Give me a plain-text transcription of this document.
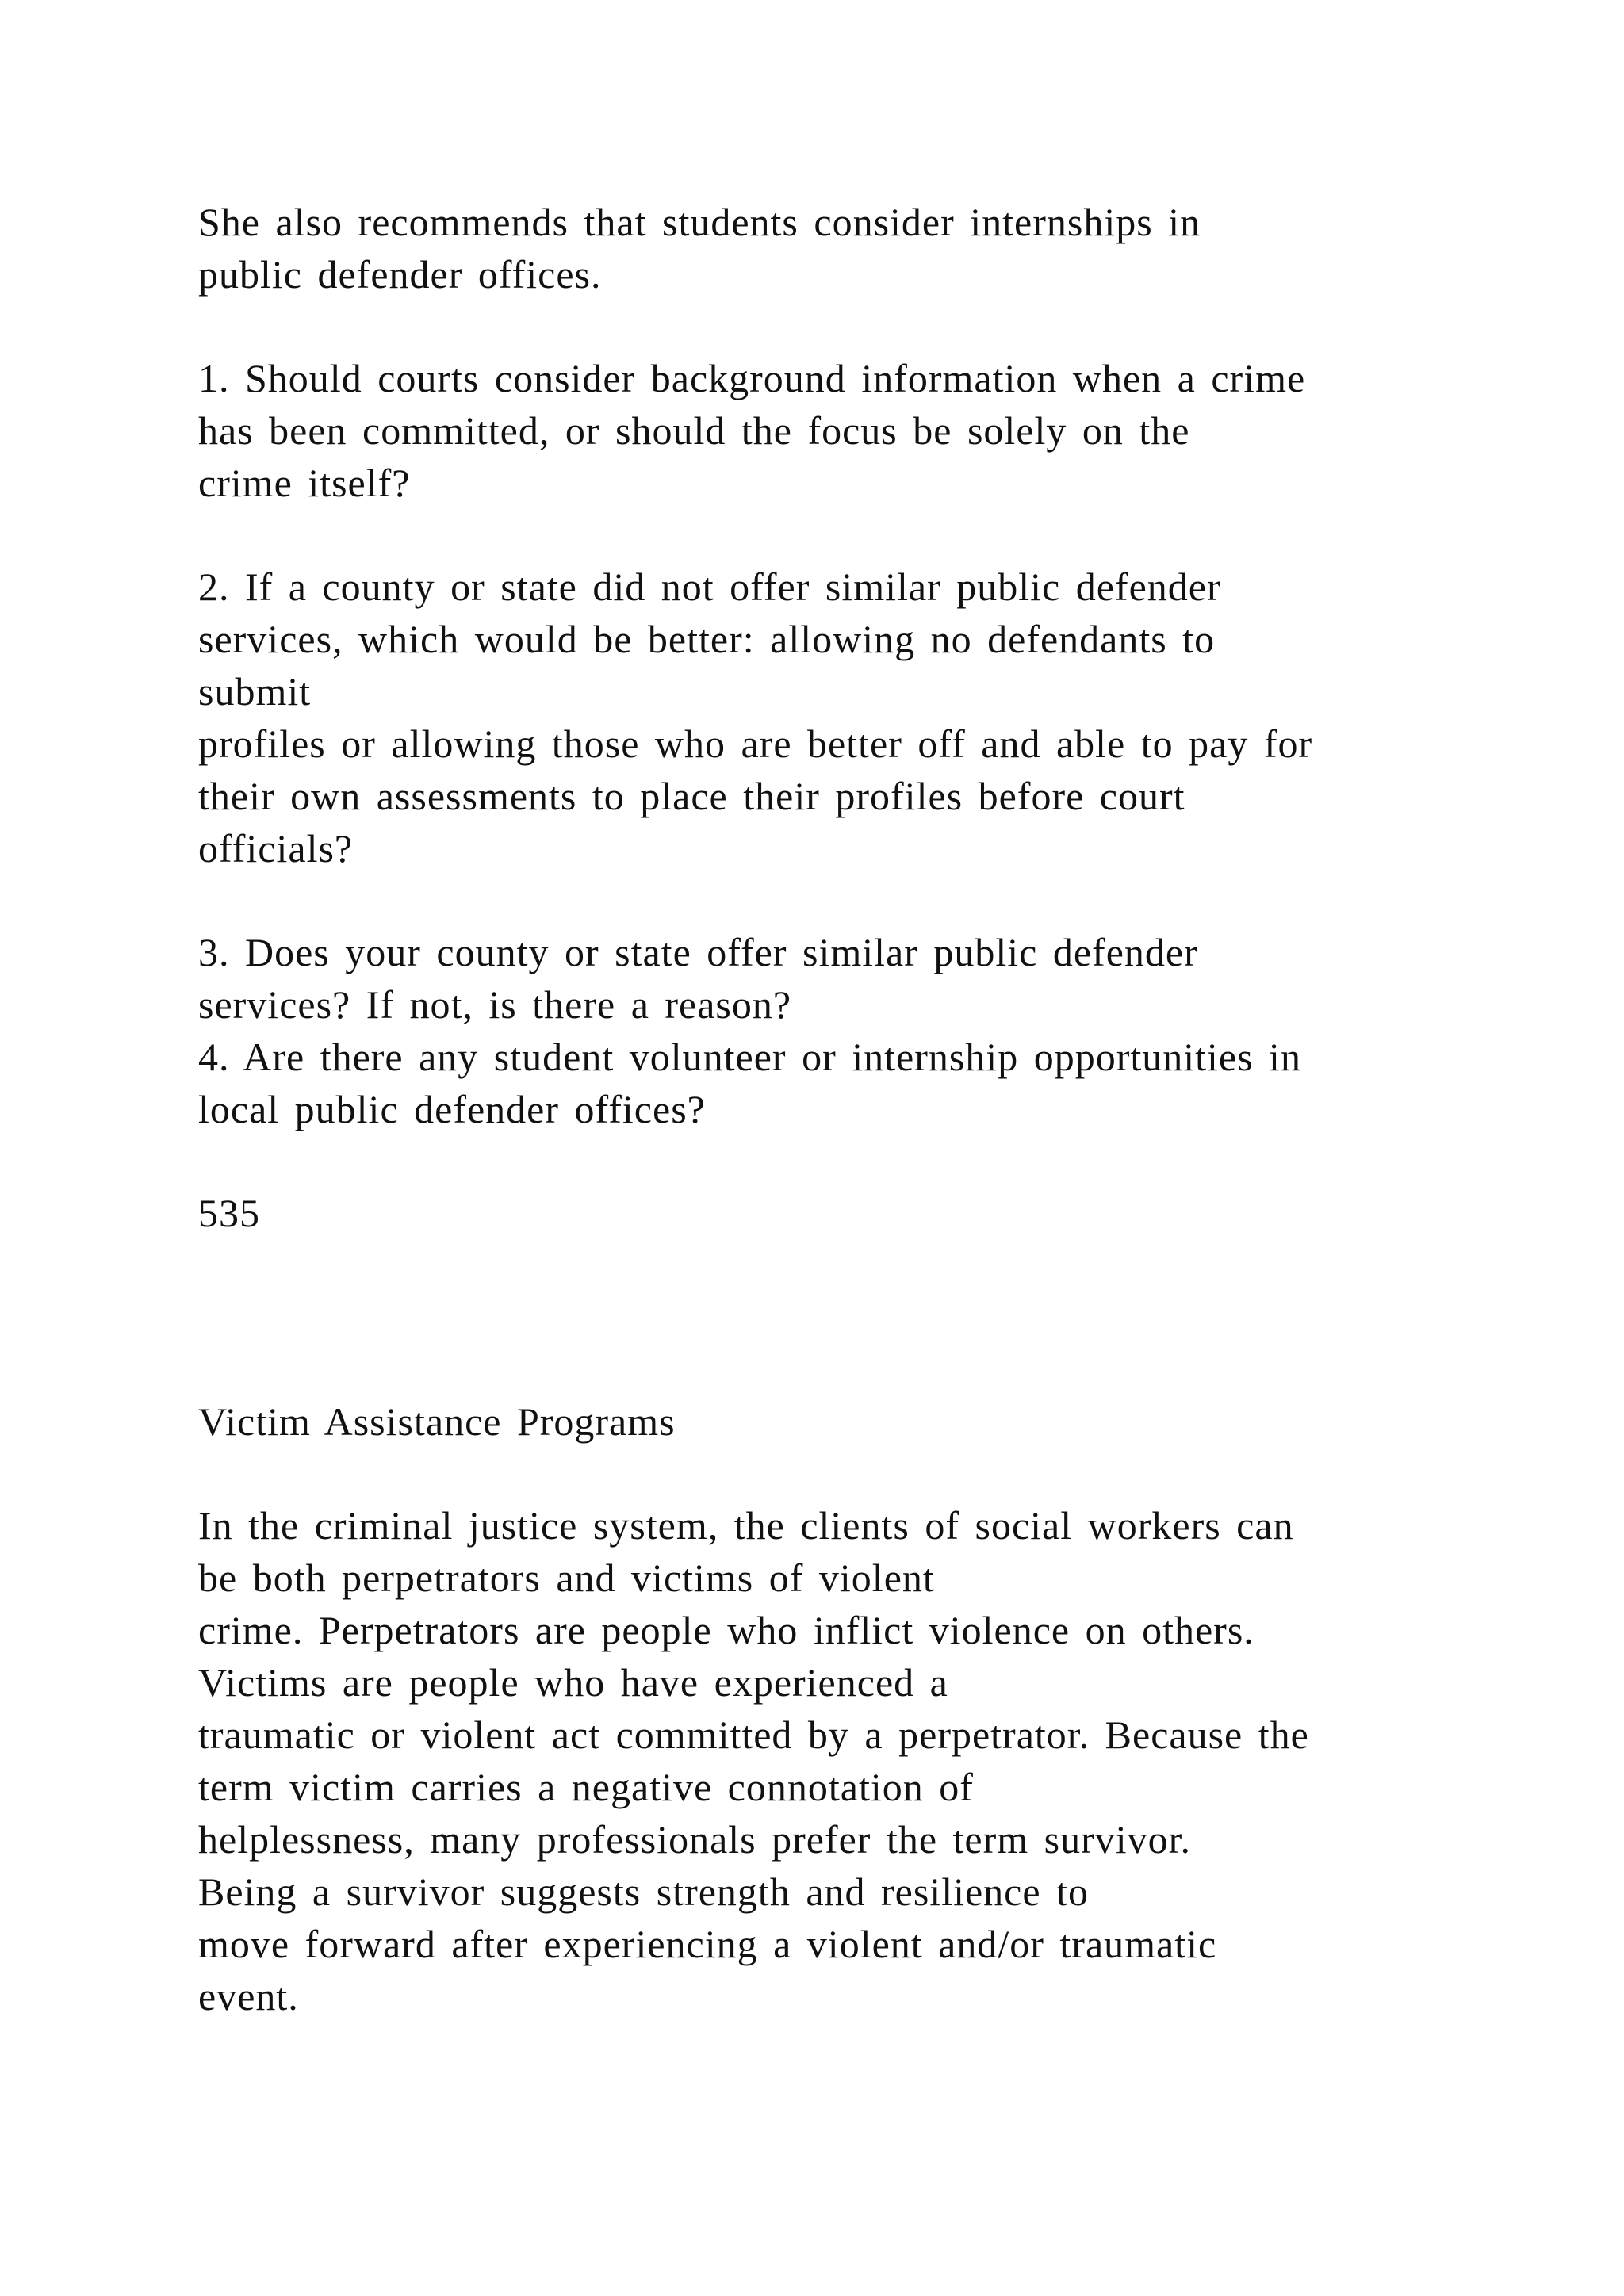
She also recommends that students consider internships in

public defender offices.

1. Should courts consider background information when a crime

has been committed, or should the focus be solely on the

crime itself?

2. If a county or state did not offer similar public defender

services, which would be better: allowing no defendants to

submit

profiles or allowing those who are better off and able to pay for

their own assessments to place their profiles before court

officials?

3. Does your county or state offer similar public defender

services? If not, is there a reason?

4. Are there any student volunteer or internship opportunities in

local public defender offices?

535

Victim Assistance Programs

In the criminal justice system, the clients of social workers can

be both perpetrators and victims of violent

crime. Perpetrators are people who inflict violence on others.

Victims are people who have experienced a

traumatic or violent act committed by a perpetrator. Because the

term victim carries a negative connotation of

helplessness, many professionals prefer the term survivor.

Being a survivor suggests strength and resilience to

move forward after experiencing a violent and/or traumatic

event.
